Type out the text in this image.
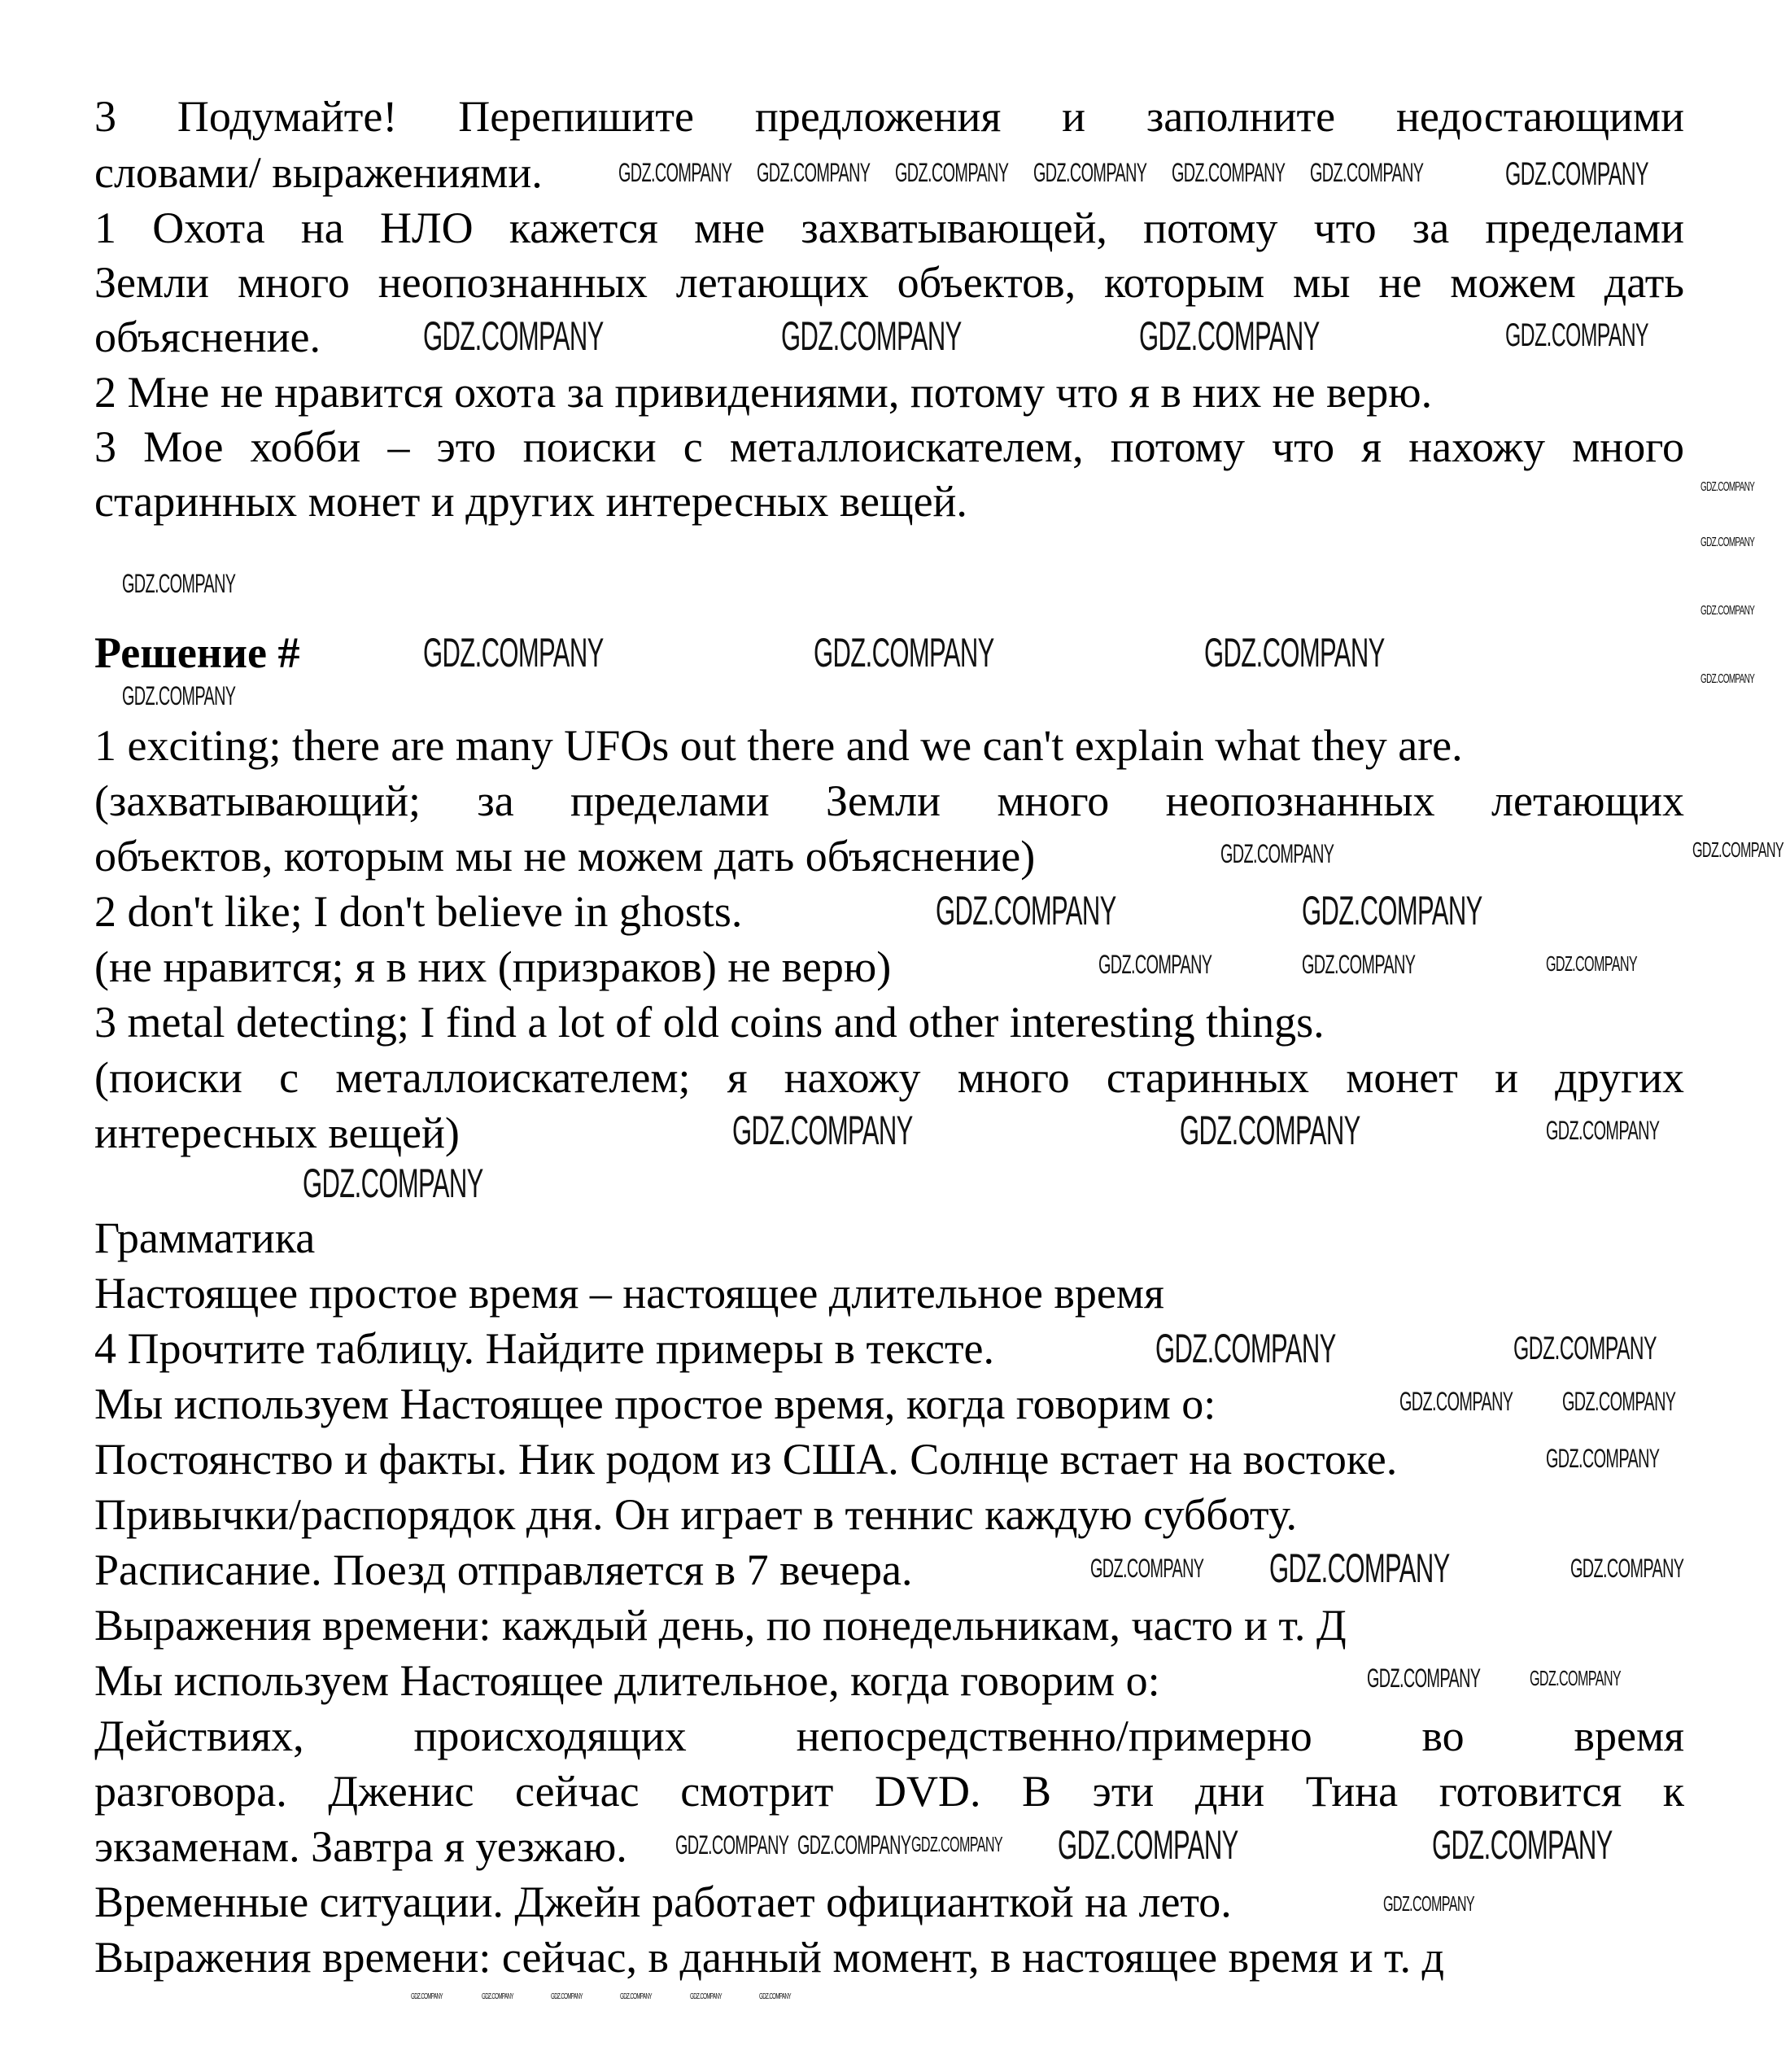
3 Подумайте! Перепишите предложения и заполните недостающими
словами/ выражениями.
1 Охота на НЛО кажется мне захватывающей, потому что за пределами
Земли много неопознанных летающих объектов, которым мы не можем дать
объяснение.
2 Мне не нравится охота за привидениями, потому что я в них не верю.
3 Мое хобби – это поиски с металлоискателем, потому что я нахожу много
старинных монет и других интересных вещей.
Решение #
1 exciting; there are many UFOs out there and we can't explain what they are.
(захватывающий; за пределами Земли много неопознанных летающих
объектов, которым мы не можем дать объяснение)
2 don't like; I don't believe in ghosts.
(не нравится; я в них (призраков) не верю)
3 metal detecting; I find a lot of old coins and other interesting things.
(поиски с металлоискателем; я нахожу много старинных монет и других
интересных вещей)
Грамматика
Настоящее простое время – настоящее длительное время
4 Прочтите таблицу. Найдите примеры в тексте.
Мы используем Настоящее простое время, когда говорим о:
Постоянство и факты. Ник родом из США. Солнце встает на востоке.
Привычки/распорядок дня. Он играет в теннис каждую субботу.
Расписание. Поезд отправляется в 7 вечера.
Выражения времени: каждый день, по понедельникам, часто и т. Д
Мы используем Настоящее длительное, когда говорим о:
Действиях, происходящих непосредственно/примерно во время
разговора. Дженис сейчас смотрит DVD. В эти дни Тина готовится к
экзаменам. Завтра я уезжаю.
Временные ситуации. Джейн работает официанткой на лето.
Выражения времени: сейчас, в данный момент, в настоящее время и т. д
GDZ.COMPANY GDZ.COMPANY GDZ.COMPANY GDZ.COMPANY GDZ.COMPANY GDZ.COMPANY	GDZ.COMPANY
GDZ.COMPANY
GDZ.COMPANY	GDZ.COMPANY	GDZ.COMPANY
GDZ.COMPANY
GDZ.COMPANY
GDZ.COMPANY
GDZ.COMPANY
GDZ.COMPANY
GDZ.COMPANY
GDZ.COMPANY	GDZ.COMPANY
GDZ.COMPANY
GDZ.COMPANY	GDZ.COMPANY
GDZ.COMPANY	GDZ.COMPANY
GDZ.COMPANY
GDZ.COMPANY	GDZ.COMPANY
GDZ.COMPANY	GDZ.COMPANY	GDZ.COMPANY
GDZ.COMPANY
GDZ.COMPANY	GDZ.COMPANY
GDZ.COMPANY GDZ.COMPANY
GDZ.COMPANY
GDZ.COMPANY GDZ.COMPANY	GDZ.COMPANY
GDZ.COMPANY GDZ.COMPANY
GDZ.COMPANY
GDZ.COMPANY GDZ.COMPANY	GDZ.COMPANY	GDZ.COMPANY
GDZ.COMPANY
GDZ.COMPANY	GDZ.COMPANY	GDZ.COMPANY	GDZ.COMPANY	GDZ.COMPANY	GDZ.COMPANY
